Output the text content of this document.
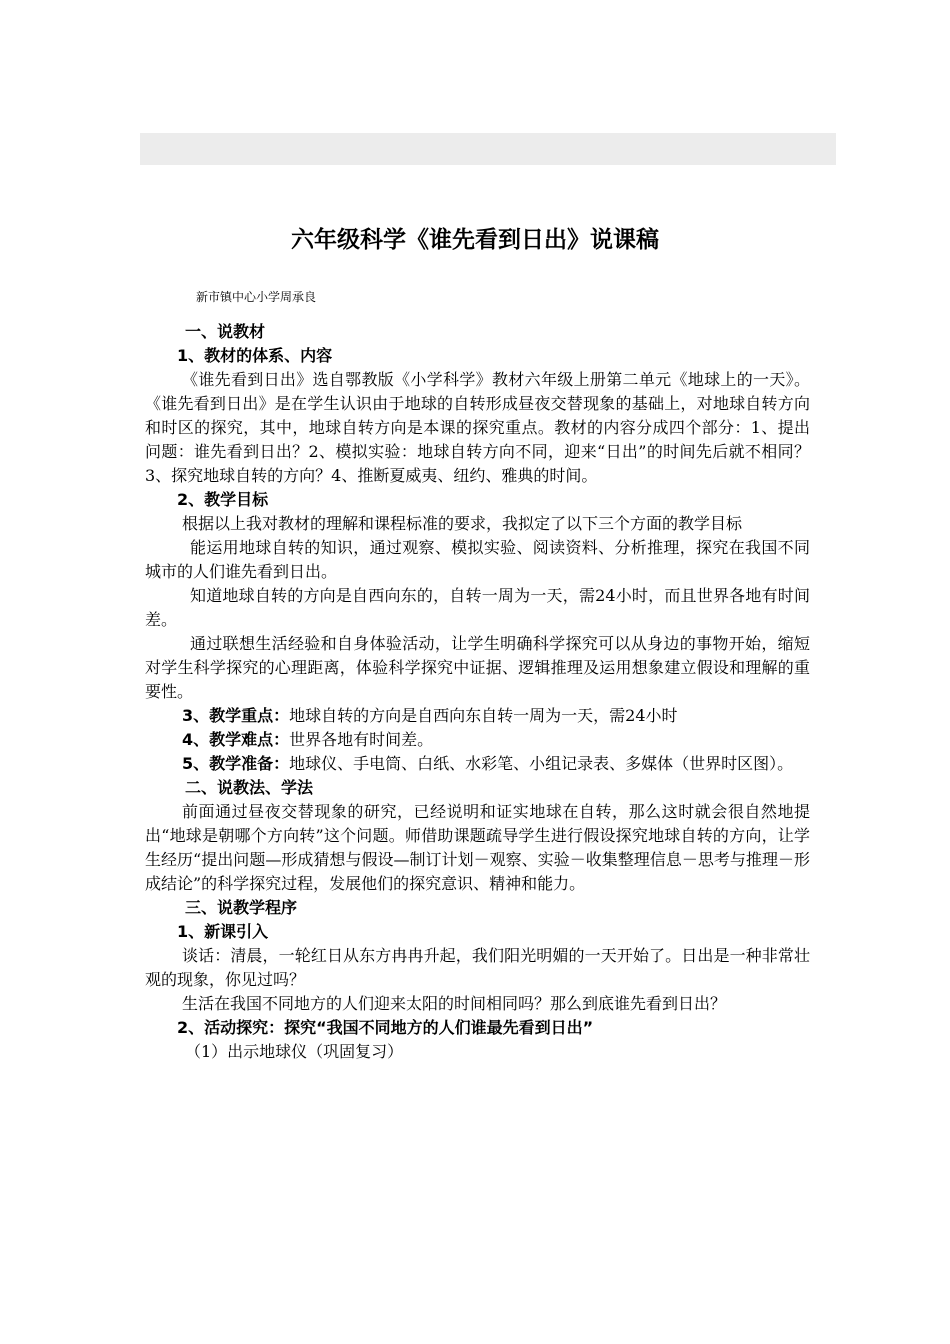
六年级科学《谁先看到日出》说课稿
新市镇中心小学周承良

一、说教材

1、教材的体系、内容

《谁先看到日出》选自鄂教版《小学科学》教材六年级上册第二单元《地球上的一天》。《谁先看到日出》是在学生认识由于地球的自转形成昼夜交替现象的基础上，对地球自转方向和时区的探究，其中，地球自转方向是本课的探究重点。教材的内容分成四个部分：1、提出问题：谁先看到日出？2、模拟实验：地球自转方向不同，迎来“日出”的时间先后就不相同？3、探究地球自转的方向？4、推断夏威夷、纽约、雅典的时间。

2、教学目标

根据以上我对教材的理解和课程标准的要求，我拟定了以下三个方面的教学目标

能运用地球自转的知识，通过观察、模拟实验、阅读资料、分析推理，探究在我国不同城市的人们谁先看到日出。

知道地球自转的方向是自西向东的，自转一周为一天，需24小时，而且世界各地有时间差。

通过联想生活经验和自身体验活动，让学生明确科学探究可以从身边的事物开始，缩短对学生科学探究的心理距离，体验科学探究中证据、逻辑推理及运用想象建立假设和理解的重要性。

3、教学重点：地球自转的方向是自西向东自转一周为一天，需24小时

4、教学难点：世界各地有时间差。

5、教学准备：地球仪、手电筒、白纸、水彩笔、小组记录表、多媒体（世界时区图）。

二、说教法、学法

前面通过昼夜交替现象的研究，已经说明和证实地球在自转，那么这时就会很自然地提出“地球是朝哪个方向转”这个问题。师借助课题疏导学生进行假设探究地球自转的方向，让学生经历“提出问题—形成猜想与假设—制订计划－观察、实验－收集整理信息－思考与推理－形成结论”的科学探究过程，发展他们的探究意识、精神和能力。

三、说教学程序

1、新课引入

谈话：清晨，一轮红日从东方冉冉升起，我们阳光明媚的一天开始了。日出是一种非常壮观的现象，你见过吗？

生活在我国不同地方的人们迎来太阳的时间相同吗？那么到底谁先看到日出？

2、活动探究：探究“我国不同地方的人们谁最先看到日出”

（1）出示地球仪（巩固复习）
